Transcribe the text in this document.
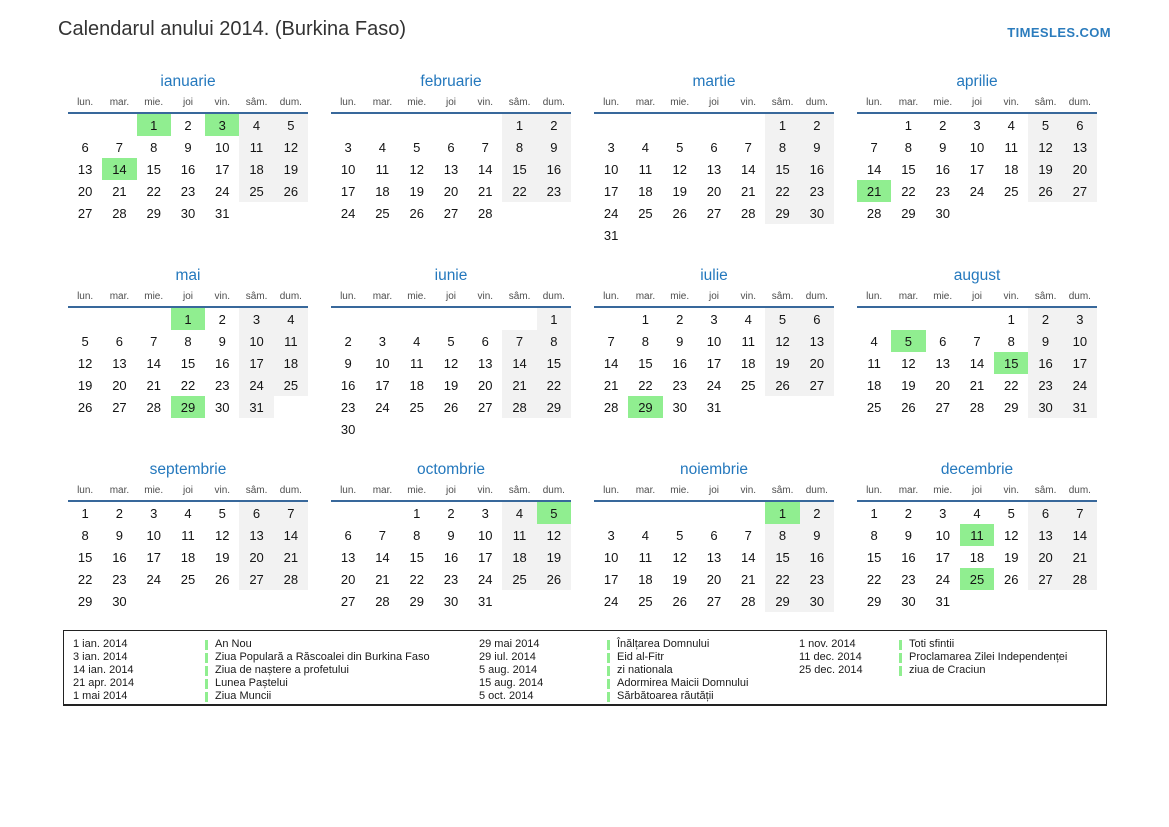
Calendarul anului 2014. (Burkina Faso)	TIMESLES.COM
ianuarie
lun.	mar.	mie.	joi	vin.	sâm.	dum.
		1	2	3	4	5
6	7	8	9	10	11	12
13	14	15	16	17	18	19
20	21	22	23	24	25	26
27	28	29	30	31		
februarie
lun.	mar.	mie.	joi	vin.	sâm.	dum.
					1	2
3	4	5	6	7	8	9
10	11	12	13	14	15	16
17	18	19	20	21	22	23
24	25	26	27	28		
martie
lun.	mar.	mie.	joi	vin.	sâm.	dum.
					1	2
3	4	5	6	7	8	9
10	11	12	13	14	15	16
17	18	19	20	21	22	23
24	25	26	27	28	29	30
31						
aprilie
lun.	mar.	mie.	joi	vin.	sâm.	dum.
	1	2	3	4	5	6
7	8	9	10	11	12	13
14	15	16	17	18	19	20
21	22	23	24	25	26	27
28	29	30				
mai
lun.	mar.	mie.	joi	vin.	sâm.	dum.
			1	2	3	4
5	6	7	8	9	10	11
12	13	14	15	16	17	18
19	20	21	22	23	24	25
26	27	28	29	30	31	
iunie
lun.	mar.	mie.	joi	vin.	sâm.	dum.
						1
2	3	4	5	6	7	8
9	10	11	12	13	14	15
16	17	18	19	20	21	22
23	24	25	26	27	28	29
30						
iulie
lun.	mar.	mie.	joi	vin.	sâm.	dum.
	1	2	3	4	5	6
7	8	9	10	11	12	13
14	15	16	17	18	19	20
21	22	23	24	25	26	27
28	29	30	31			
august
lun.	mar.	mie.	joi	vin.	sâm.	dum.
				1	2	3
4	5	6	7	8	9	10
11	12	13	14	15	16	17
18	19	20	21	22	23	24
25	26	27	28	29	30	31
septembrie
lun.	mar.	mie.	joi	vin.	sâm.	dum.
1	2	3	4	5	6	7
8	9	10	11	12	13	14
15	16	17	18	19	20	21
22	23	24	25	26	27	28
29	30					
octombrie
lun.	mar.	mie.	joi	vin.	sâm.	dum.
		1	2	3	4	5
6	7	8	9	10	11	12
13	14	15	16	17	18	19
20	21	22	23	24	25	26
27	28	29	30	31		
noiembrie
lun.	mar.	mie.	joi	vin.	sâm.	dum.
					1	2
3	4	5	6	7	8	9
10	11	12	13	14	15	16
17	18	19	20	21	22	23
24	25	26	27	28	29	30
decembrie
lun.	mar.	mie.	joi	vin.	sâm.	dum.
1	2	3	4	5	6	7
8	9	10	11	12	13	14
15	16	17	18	19	20	21
22	23	24	25	26	27	28
29	30	31				
1 ian. 2014	An Nou
3 ian. 2014	Ziua Populară a Răscoalei din Burkina Faso
14 ian. 2014	Ziua de naștere a profetului
21 apr. 2014	Lunea Paștelui
1 mai 2014	Ziua Muncii
29 mai 2014	Înălțarea Domnului
29 iul. 2014	Eid al-Fitr
5 aug. 2014	zi nationala
15 aug. 2014	Adormirea Maicii Domnului
5 oct. 2014	Sărbătoarea răutății
1 nov. 2014	Toti sfintii
11 dec. 2014	Proclamarea Zilei Independenței
25 dec. 2014	ziua de Craciun
